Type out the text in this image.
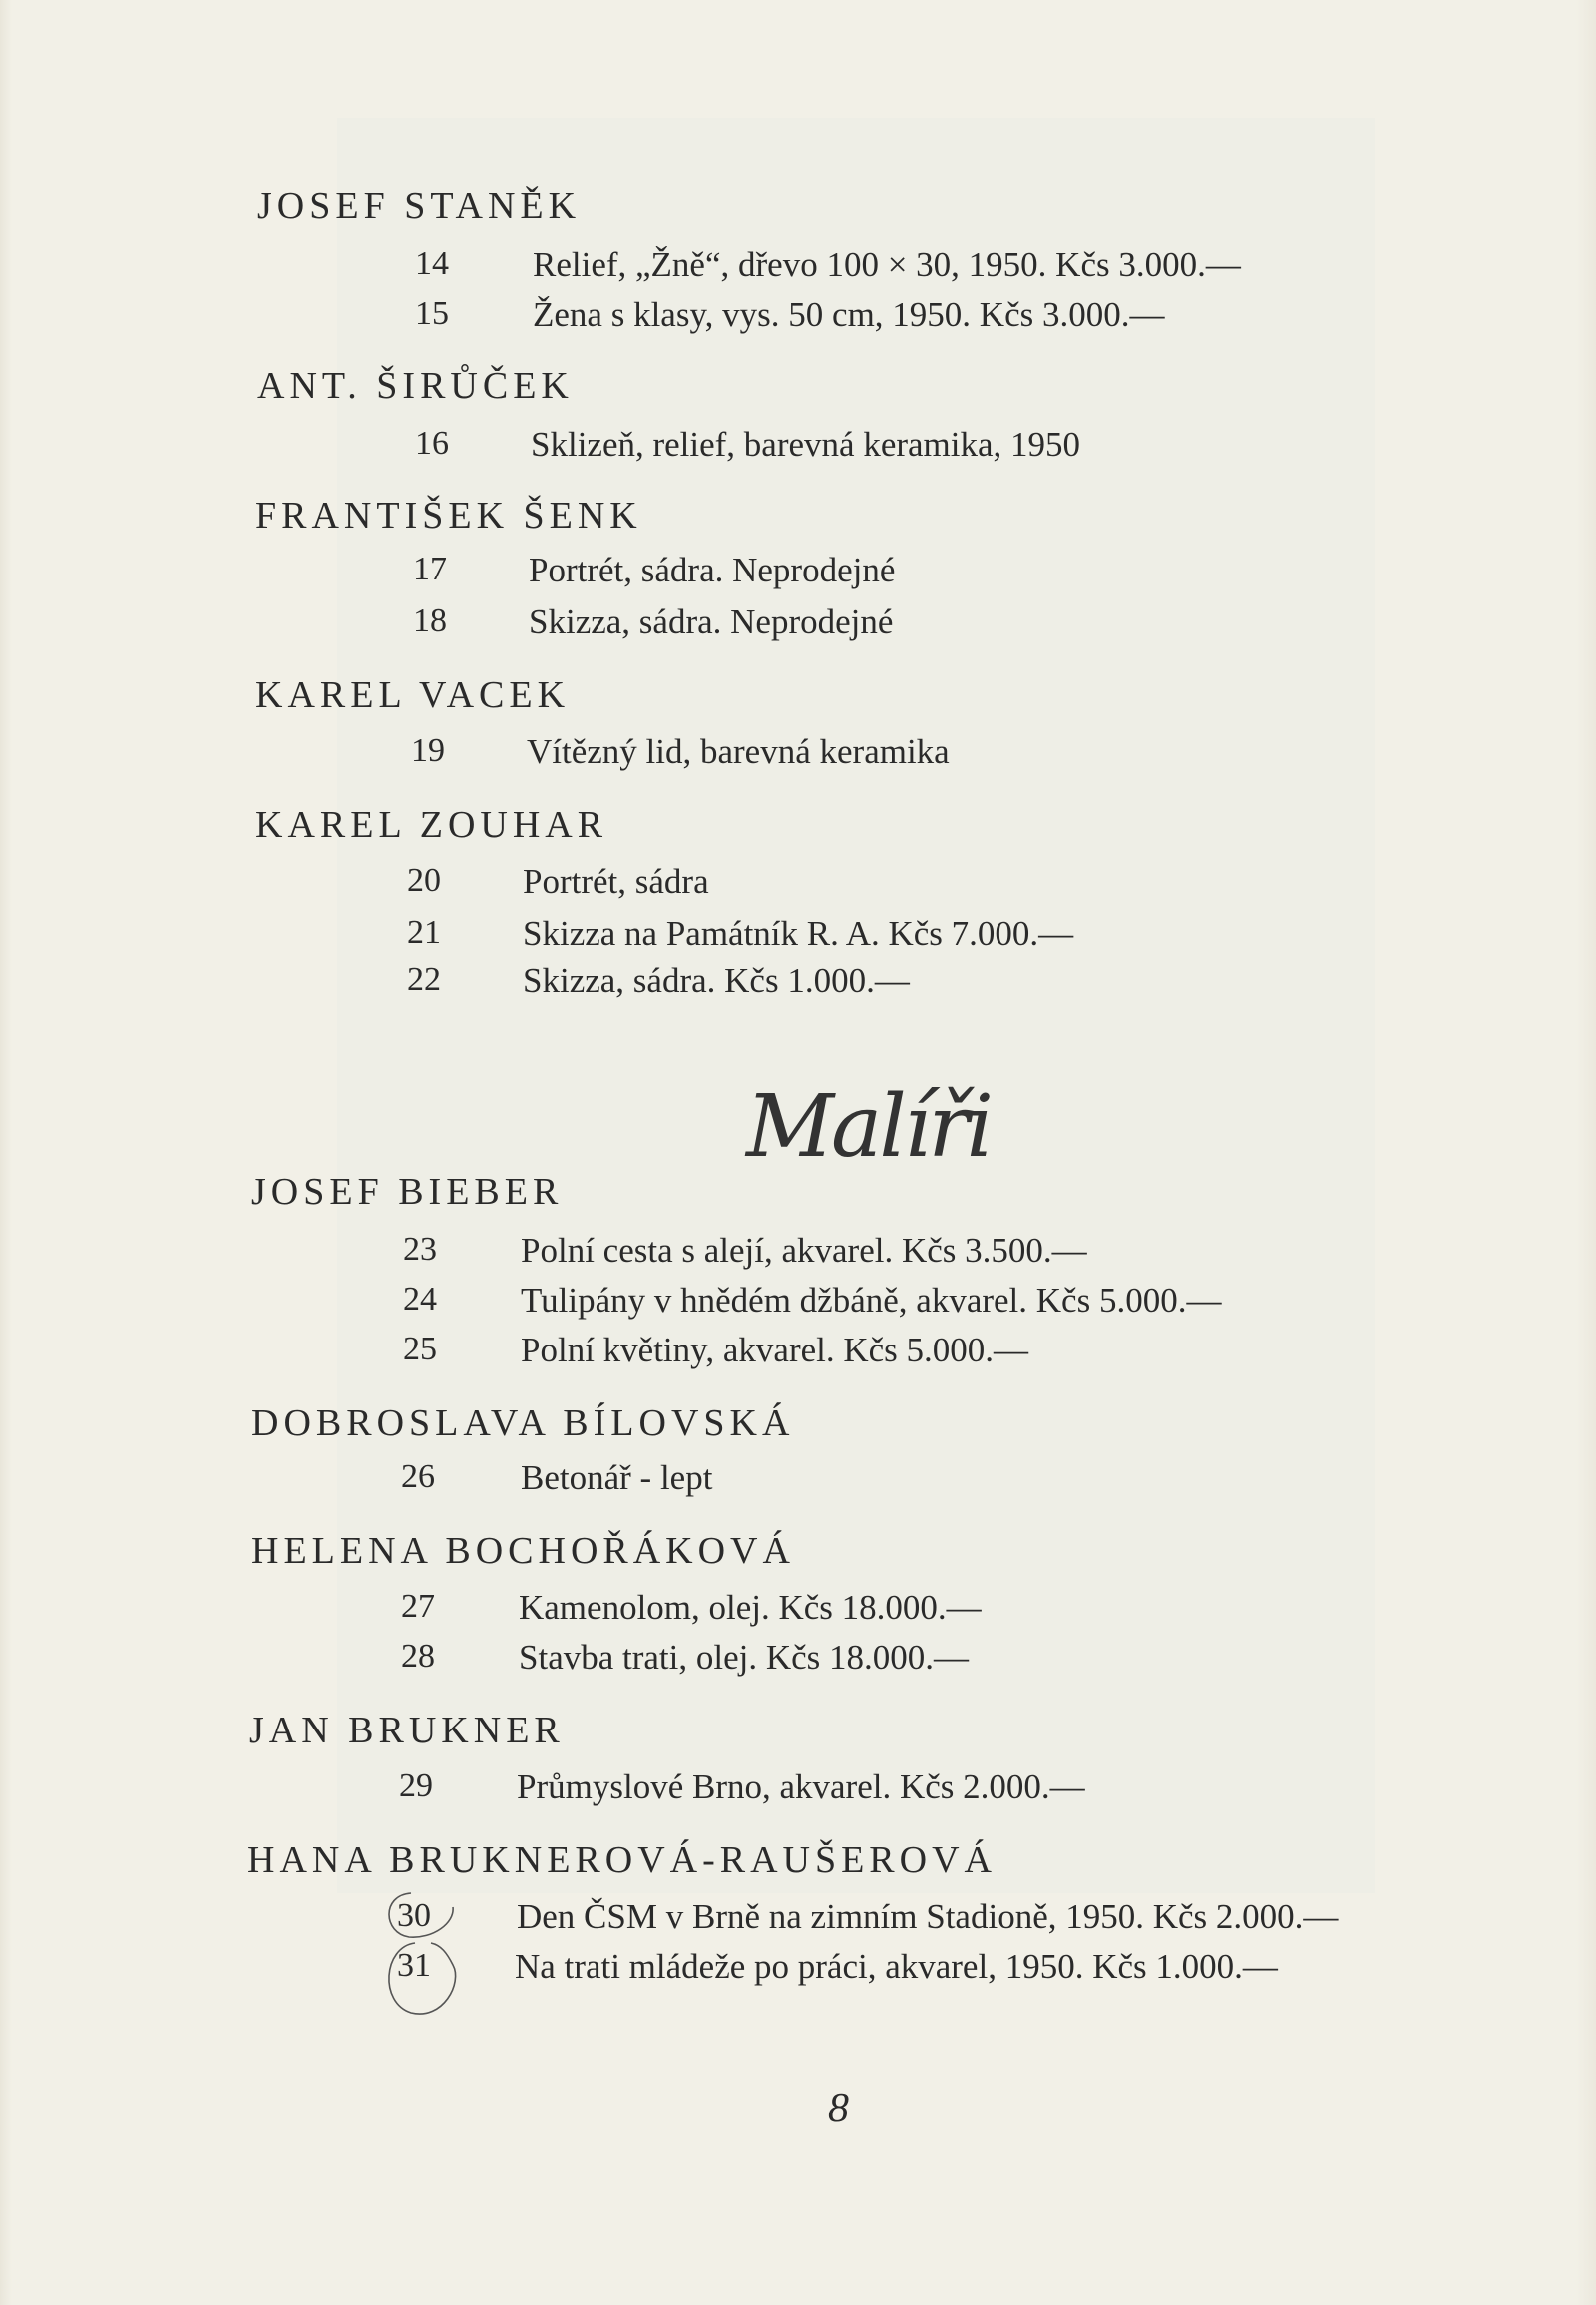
JOSEF STANĚK
14 Relief, „Žně“, dřevo 100 × 30, 1950. Kčs 3.000.—
15 Žena s klasy, vys. 50 cm, 1950. Kčs 3.000.—
ANT. ŠIRŮČEK
16 Sklizeň, relief, barevná keramika, 1950
FRANTIŠEK ŠENK
17 Portrét, sádra. Neprodejné
18 Skizza, sádra. Neprodejné
KAREL VACEK
19 Vítězný lid, barevná keramika
KAREL ZOUHAR
20 Portrét, sádra
21 Skizza na Památník R. A. Kčs 7.000.—
22 Skizza, sádra. Kčs 1.000.—
Malíři
JOSEF BIEBER
23 Polní cesta s alejí, akvarel. Kčs 3.500.—
24 Tulipány v hnědém džbáně, akvarel. Kčs 5.000.—
25 Polní květiny, akvarel. Kčs 5.000.—
DOBROSLAVA BÍLOVSKÁ
26 Betonář - lept
HELENA BOCHOŘÁKOVÁ
27 Kamenolom, olej. Kčs 18.000.—
28 Stavba trati, olej. Kčs 18.000.—
JAN BRUKNER
29 Průmyslové Brno, akvarel. Kčs 2.000.—
HANA BRUKNEROVÁ-RAUŠEROVÁ
30 Den ČSM v Brně na zimním Stadioně, 1950. Kčs 2.000.—
31 Na trati mládeže po práci, akvarel, 1950. Kčs 1.000.—
8
